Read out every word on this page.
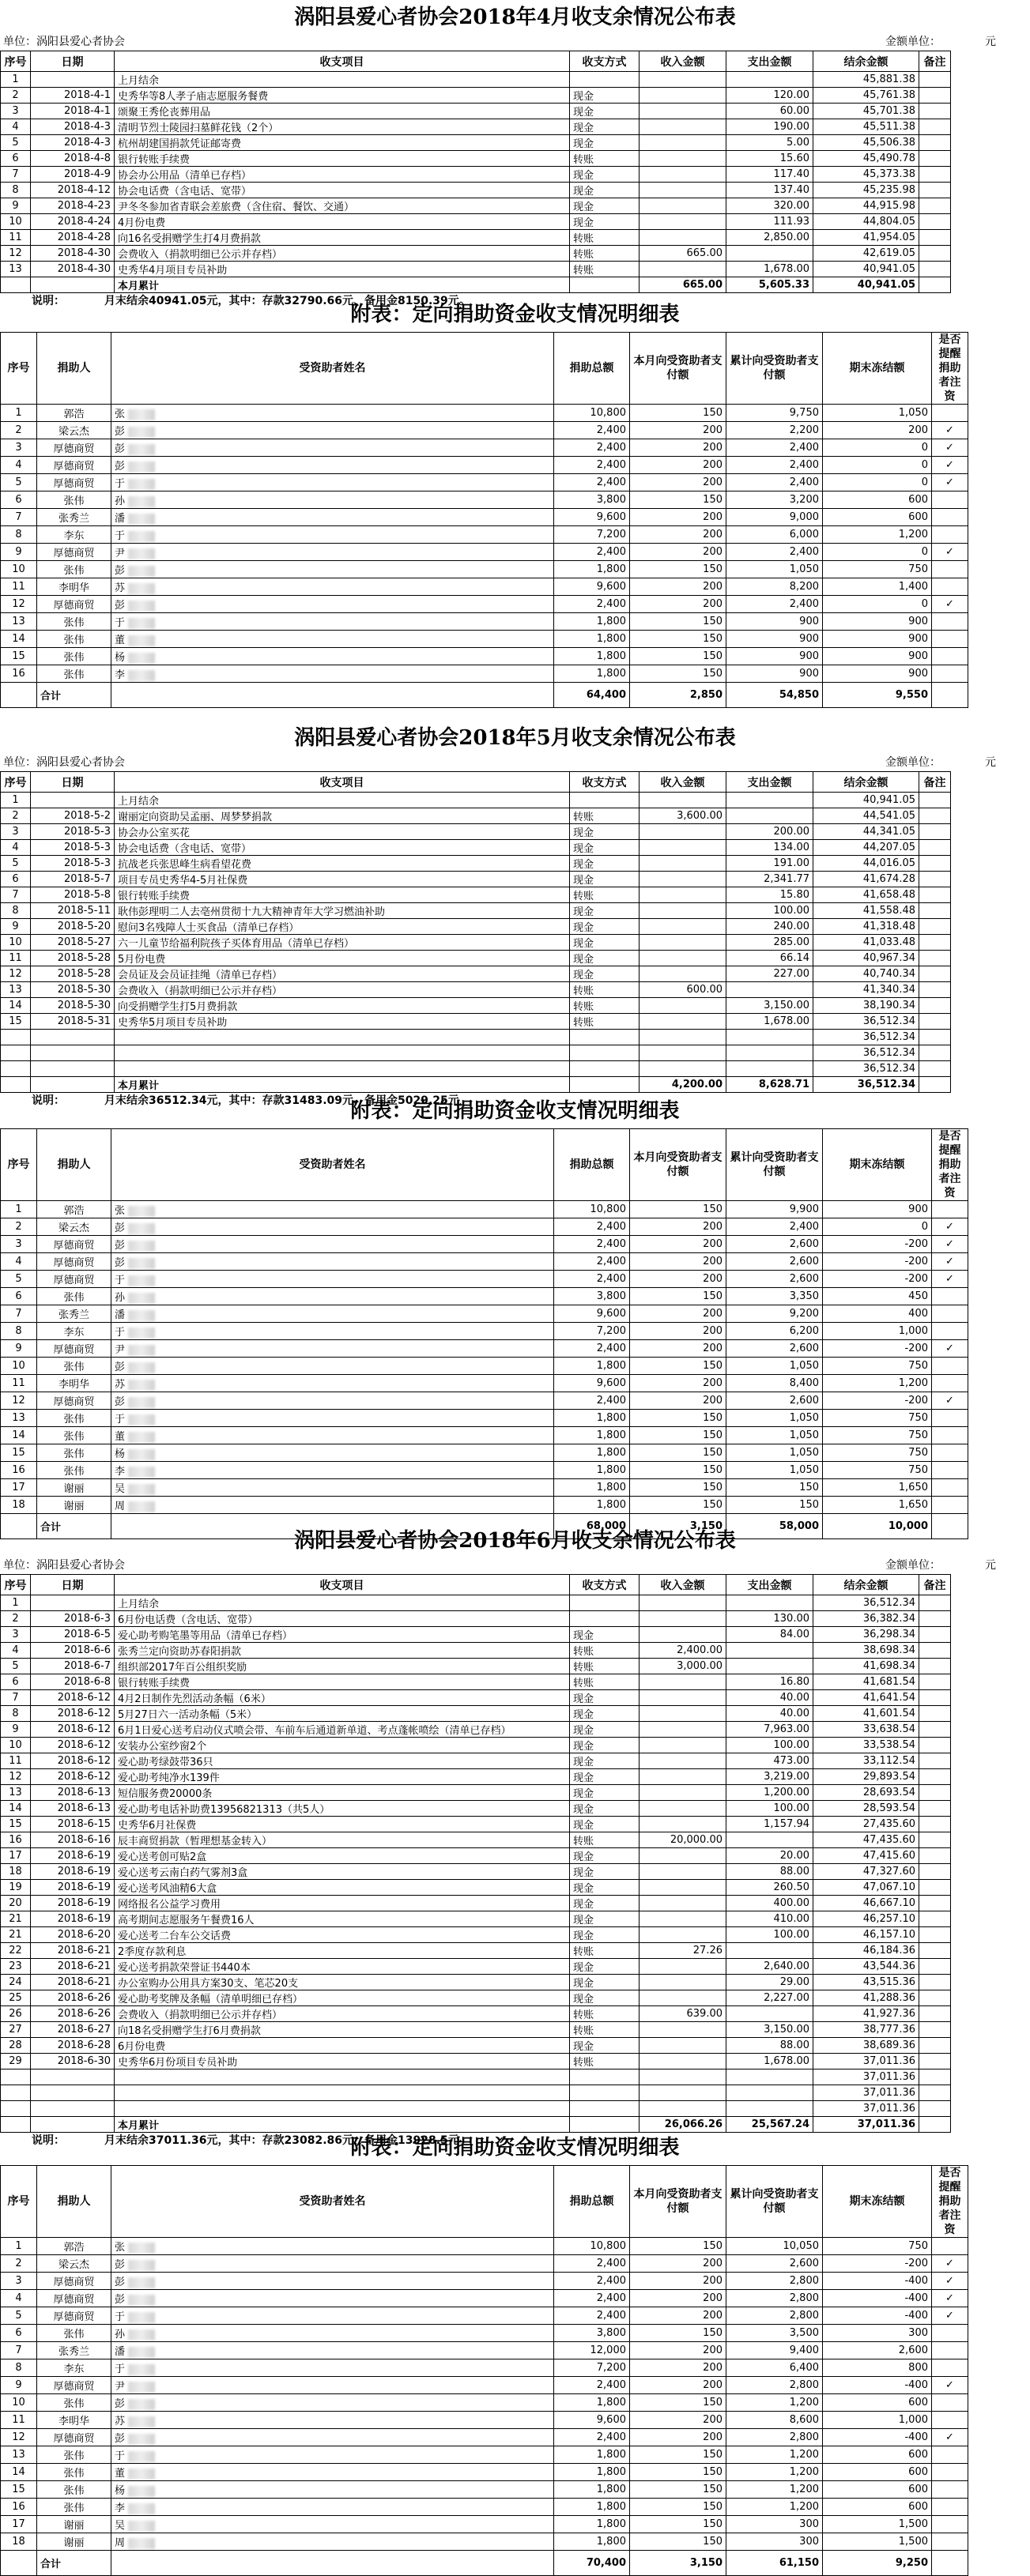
涡阳县爱心者协会2018年4月收支余情况公布表
单位：涡阳县爱心者协会	金额单位：	元
序号	日期	收支项目	收支方式	收入金额	支出金额	结余金额	备注
1		上月结余				45,881.38	
2	2018-4-1	史秀华等8人孝子庙志愿服务餐费	现金		120.00	45,761.38	
3	2018-4-1	颂聚王秀伦丧葬用品	现金		60.00	45,701.38	
4	2018-4-3	清明节烈士陵园扫墓鲜花钱（2个）	现金		190.00	45,511.38	
5	2018-4-3	杭州胡建国捐款凭证邮寄费	现金		5.00	45,506.38	
6	2018-4-8	银行转账手续费	转账		15.60	45,490.78	
7	2018-4-9	协会办公用品（清单已存档）	现金		117.40	45,373.38	
8	2018-4-12	协会电话费（含电话、宽带）	现金		137.40	45,235.98	
9	2018-4-23	尹冬冬参加省青联会差旅费（含住宿、餐饮、交通）	现金		320.00	44,915.98	
10	2018-4-24	4月份电费	现金		111.93	44,804.05	
11	2018-4-28	向16名受捐赠学生打4月费捐款	转账		2,850.00	41,954.05	
12	2018-4-30	会费收入（捐款明细已公示并存档）	转账	665.00		42,619.05	
13	2018-4-30	史秀华4月项目专员补助	转账		1,678.00	40,941.05	
		本月累计		665.00	5,605.33	40,941.05	
说明：	月末结余40941.05元，其中：存款32790.66元、备用金8150.39元。
附表：定向捐助资金收支情况明细表
序号	捐助人	受资助者姓名	捐助总额	本月向受资助者支付额	累计向受资助者支付额	期末冻结额	是否提醒捐助者注资
1	郭浩	张	10,800	150	9,750	1,050	
2	梁云杰	彭	2,400	200	2,200	200	✓
3	厚德商贸	彭	2,400	200	2,400	0	✓
4	厚德商贸	彭	2,400	200	2,400	0	✓
5	厚德商贸	于	2,400	200	2,400	0	✓
6	张伟	孙	3,800	150	3,200	600	
7	张秀兰	潘	9,600	200	9,000	600	
8	李东	于	7,200	200	6,000	1,200	
9	厚德商贸	尹	2,400	200	2,400	0	✓
10	张伟	彭	1,800	150	1,050	750	
11	李明华	苏	9,600	200	8,200	1,400	
12	厚德商贸	彭	2,400	200	2,400	0	✓
13	张伟	于	1,800	150	900	900	
14	张伟	董	1,800	150	900	900	
15	张伟	杨	1,800	150	900	900	
16	张伟	李	1,800	150	900	900	
	合计		64,400	2,850	54,850	9,550	
涡阳县爱心者协会2018年5月收支余情况公布表
单位：涡阳县爱心者协会	金额单位：	元
序号	日期	收支项目	收支方式	收入金额	支出金额	结余金额	备注
1		上月结余				40,941.05	
2	2018-5-2	谢丽定向资助吴孟丽、周梦梦捐款	转账	3,600.00		44,541.05	
3	2018-5-3	协会办公室买花	现金		200.00	44,341.05	
4	2018-5-3	协会电话费（含电话、宽带）	现金		134.00	44,207.05	
5	2018-5-3	抗战老兵张思峰生病看望花费	现金		191.00	44,016.05	
6	2018-5-7	项目专员史秀华4-5月社保费	现金		2,341.77	41,674.28	
7	2018-5-8	银行转账手续费	转账		15.80	41,658.48	
8	2018-5-11	耿伟彭理明二人去亳州贯彻十九大精神青年大学习燃油补助	现金		100.00	41,558.48	
9	2018-5-20	慰问3名残障人士买食品（清单已存档）	现金		240.00	41,318.48	
10	2018-5-27	六一儿童节给福利院孩子买体育用品（清单已存档）	现金		285.00	41,033.48	
11	2018-5-28	5月份电费	现金		66.14	40,967.34	
12	2018-5-28	会员证及会员证挂绳（清单已存档）	现金		227.00	40,740.34	
13	2018-5-30	会费收入（捐款明细已公示并存档）	转账	600.00		41,340.34	
14	2018-5-30	向受捐赠学生打5月费捐款	转账		3,150.00	38,190.34	
15	2018-5-31	史秀华5月项目专员补助	转账		1,678.00	36,512.34	
						36,512.34	
						36,512.34	
						36,512.34	
		本月累计		4,200.00	8,628.71	36,512.34	
说明：	月末结余36512.34元，其中：存款31483.09元、备用金5029.25元
附表：定向捐助资金收支情况明细表
序号	捐助人	受资助者姓名	捐助总额	本月向受资助者支付额	累计向受资助者支付额	期末冻结额	是否提醒捐助者注资
1	郭浩	张	10,800	150	9,900	900	
2	梁云杰	彭	2,400	200	2,400	0	✓
3	厚德商贸	彭	2,400	200	2,600	-200	✓
4	厚德商贸	彭	2,400	200	2,600	-200	✓
5	厚德商贸	于	2,400	200	2,600	-200	✓
6	张伟	孙	3,800	150	3,350	450	
7	张秀兰	潘	9,600	200	9,200	400	
8	李东	于	7,200	200	6,200	1,000	
9	厚德商贸	尹	2,400	200	2,600	-200	✓
10	张伟	彭	1,800	150	1,050	750	
11	李明华	苏	9,600	200	8,400	1,200	
12	厚德商贸	彭	2,400	200	2,600	-200	✓
13	张伟	于	1,800	150	1,050	750	
14	张伟	董	1,800	150	1,050	750	
15	张伟	杨	1,800	150	1,050	750	
16	张伟	李	1,800	150	1,050	750	
17	谢丽	吴	1,800	150	150	1,650	
18	谢丽	周	1,800	150	150	1,650	
	合计		68,000	3,150	58,000	10,000	
涡阳县爱心者协会2018年6月收支余情况公布表
单位：涡阳县爱心者协会	金额单位：	元
序号	日期	收支项目	收支方式	收入金额	支出金额	结余金额	备注
1		上月结余				36,512.34	
2	2018-6-3	6月份电话费（含电话、宽带）			130.00	36,382.34	
3	2018-6-5	爱心助考购笔墨等用品（清单已存档）	现金		84.00	36,298.34	
4	2018-6-6	张秀兰定向资助苏春阳捐款	转账	2,400.00		38,698.34	
5	2018-6-7	组织部2017年百公组织奖励	转账	3,000.00		41,698.34	
6	2018-6-8	银行转账手续费	转账		16.80	41,681.54	
7	2018-6-12	4月2日制作先烈活动条幅（6米）	现金		40.00	41,641.54	
8	2018-6-12	5月27日六一活动条幅（5米）	现金		40.00	41,601.54	
9	2018-6-12	6月1日爱心送考启动仪式喷会带、车前车后通道新单道、考点蓬帐喷绘（清单已存档）	现金		7,963.00	33,638.54	
10	2018-6-12	安装办公室纱窗2个	现金		100.00	33,538.54	
11	2018-6-12	爱心助考绿鼓带36只	现金		473.00	33,112.54	
12	2018-6-12	爱心助考纯净水139件	现金		3,219.00	29,893.54	
13	2018-6-13	短信服务费20000条	现金		1,200.00	28,693.54	
14	2018-6-13	爱心助考电话补助费13956821313（共5人）	现金		100.00	28,593.54	
15	2018-6-15	史秀华6月社保费	现金		1,157.94	27,435.60	
16	2018-6-16	辰丰商贸捐款（暂理想基金转入）	转账	20,000.00		47,435.60	
17	2018-6-19	爱心送考创可贴2盒	现金		20.00	47,415.60	
18	2018-6-19	爱心送考云南白药气雾剂3盒	现金		88.00	47,327.60	
19	2018-6-19	爱心送考风油精6大盒	现金		260.50	47,067.10	
20	2018-6-19	网络报名公益学习费用	现金		400.00	46,667.10	
21	2018-6-19	高考期间志愿服务午餐费16人	现金		410.00	46,257.10	
21	2018-6-20	爱心送考二台车公交话费	现金		100.00	46,157.10	
22	2018-6-21	2季度存款利息	转账	27.26		46,184.36	
23	2018-6-21	爱心送考捐款荣誉证书440本	现金		2,640.00	43,544.36	
24	2018-6-21	办公室购办公用具方案30支、笔芯20支	现金		29.00	43,515.36	
25	2018-6-26	爱心助考奖牌及条幅（清单明细已存档）	现金		2,227.00	41,288.36	
26	2018-6-26	会费收入（捐款明细已公示并存档）	转账	639.00		41,927.36	
27	2018-6-27	向18名受捐赠学生打6月费捐款	转账		3,150.00	38,777.36	
28	2018-6-28	6月份电费	现金		88.00	38,689.36	
29	2018-6-30	史秀华6月份项目专员补助	转账		1,678.00	37,011.36	
						37,011.36	
						37,011.36	
						37,011.36	
		本月累计		26,066.26	25,567.24	37,011.36	
说明：	月末结余37011.36元，其中：存款23082.86元、备用金13928.5元
附表：定向捐助资金收支情况明细表
序号	捐助人	受资助者姓名	捐助总额	本月向受资助者支付额	累计向受资助者支付额	期末冻结额	是否提醒捐助者注资
1	郭浩	张	10,800	150	10,050	750	
2	梁云杰	彭	2,400	200	2,600	-200	✓
3	厚德商贸	彭	2,400	200	2,800	-400	✓
4	厚德商贸	彭	2,400	200	2,800	-400	✓
5	厚德商贸	于	2,400	200	2,800	-400	✓
6	张伟	孙	3,800	150	3,500	300	
7	张秀兰	潘	12,000	200	9,400	2,600	
8	李东	于	7,200	200	6,400	800	
9	厚德商贸	尹	2,400	200	2,800	-400	✓
10	张伟	彭	1,800	150	1,200	600	
11	李明华	苏	9,600	200	8,600	1,000	
12	厚德商贸	彭	2,400	200	2,800	-400	✓
13	张伟	于	1,800	150	1,200	600	
14	张伟	董	1,800	150	1,200	600	
15	张伟	杨	1,800	150	1,200	600	
16	张伟	李	1,800	150	1,200	600	
17	谢丽	吴	1,800	150	300	1,500	
18	谢丽	周	1,800	150	300	1,500	
	合计		70,400	3,150	61,150	9,250	
